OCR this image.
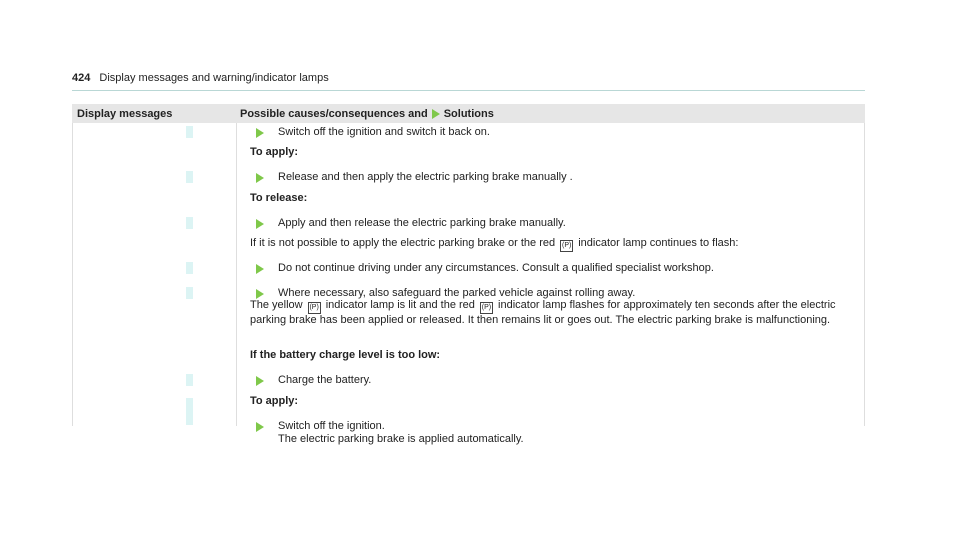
424 Display messages and warning/indicator lamps
Display messages	Possible causes/consequences and Solutions
Switch off the ignition and switch it back on.
To apply:
Release and then apply the electric parking brake manually .
To release:
Apply and then release the electric parking brake manually.
If it is not possible to apply the electric parking brake or the red (P) indicator lamp continues to flash:
Do not continue driving under any circumstances. Consult a qualified specialist workshop.
Where necessary, also safeguard the parked vehicle against rolling away.
The yellow (P) indicator lamp is lit and the red (P) indicator lamp flashes for approximately ten seconds after the electric parking brake has been applied or released. It then remains lit or goes out. The electric parking brake is malfunctioning.
If the battery charge level is too low:
Charge the battery.
To apply:
Switch off the ignition.
The electric parking brake is applied automatically.
